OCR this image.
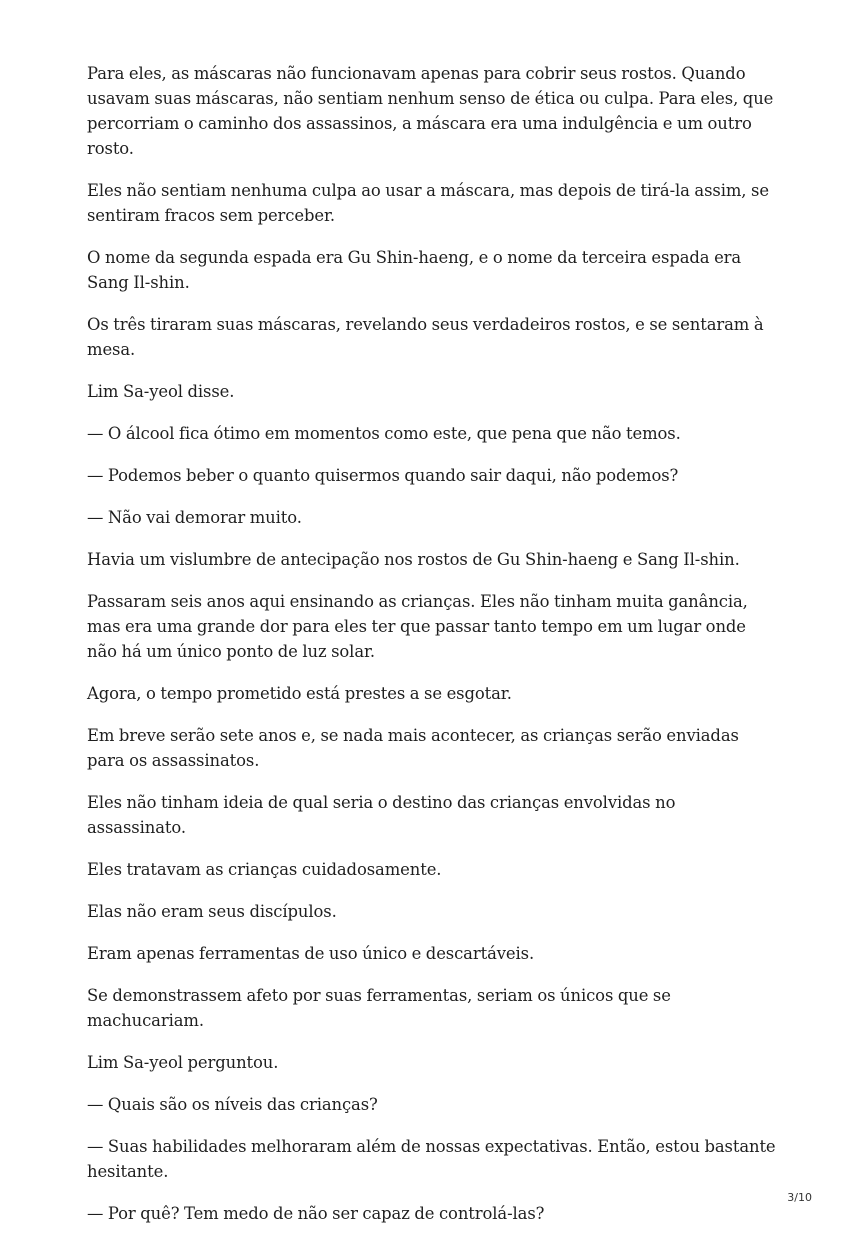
Para eles, as máscaras não funcionavam apenas para cobrir seus rostos. Quando usavam suas máscaras, não sentiam nenhum senso de ética ou culpa. Para eles, que percorriam o caminho dos assassinos, a máscara era uma indulgência e um outro rosto.

Eles não sentiam nenhuma culpa ao usar a máscara, mas depois de tirá-la assim, se sentiram fracos sem perceber.

O nome da segunda espada era Gu Shin-haeng, e o nome da terceira espada era Sang Il-shin.

Os três tiraram suas máscaras, revelando seus verdadeiros rostos, e se sentaram à mesa.

Lim Sa-yeol disse.

— O álcool fica ótimo em momentos como este, que pena que não temos.

— Podemos beber o quanto quisermos quando sair daqui, não podemos?

— Não vai demorar muito.

Havia um vislumbre de antecipação nos rostos de Gu Shin-haeng e Sang Il-shin.

Passaram seis anos aqui ensinando as crianças. Eles não tinham muita ganância, mas era uma grande dor para eles ter que passar tanto tempo em um lugar onde não há um único ponto de luz solar.

Agora, o tempo prometido está prestes a se esgotar.

Em breve serão sete anos e, se nada mais acontecer, as crianças serão enviadas para os assassinatos.

Eles não tinham ideia de qual seria o destino das crianças envolvidas no assassinato.

Eles tratavam as crianças cuidadosamente.

Elas não eram seus discípulos.

Eram apenas ferramentas de uso único e descartáveis.

Se demonstrassem afeto por suas ferramentas, seriam os únicos que se machucariam.

Lim Sa-yeol perguntou.

— Quais são os níveis das crianças?

— Suas habilidades melhoraram além de nossas expectativas. Então, estou bastante hesitante.

— Por quê? Tem medo de não ser capaz de controlá-las?

3/10
